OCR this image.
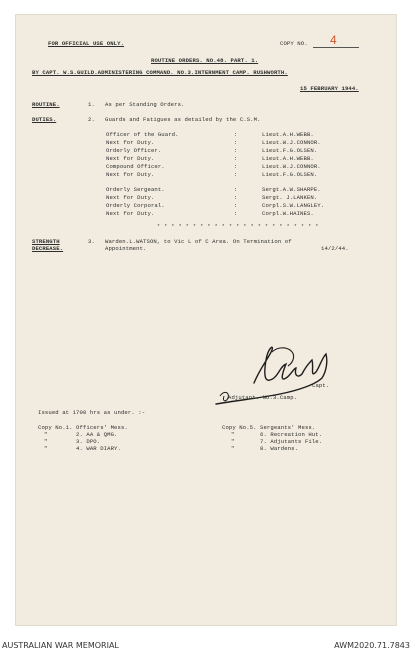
FOR OFFICIAL USE ONLY.	COPY NO. 4
ROUTINE ORDERS. NO.48. PART. 1.
BY CAPT. W.S.GUILD.ADMINISTERING COMMAND. NO.3.INTERNMENT CAMP. RUSHWORTH.
15 FEBRUARY 1944.
ROUTINE.	1. As per Standing Orders.
DUTIES.	2. Guards and Fatigues as detailed by the C.S.M.
Officer of the Guard.	:	Lieut.A.H.WEBB.
Next for Duty.	:	Lieut.W.J.CONNOR.
Orderly Officer.	:	Lieut.F.G.OLSEN.
Next for Duty.	:	Lieut.A.H.WEBB.
Compound Officer.	:	Lieut.W.J.CONNOR.
Next for Duty.	:	Lieut.F.G.OLSEN.
Orderly Sergeant.	:	Sergt.A.W.SHARPE.
Next for Duty.	:	Sergt. J.LANKEN.
Orderly Corporal.	:	Corpl.S.W.LANGLEY.
Next for Duty.	:	Corpl.W.HAINES.
* * * * * * * * * * * * * * * * * * * * * * *
STRENGTH
DECREASE.
3. Warden.L.WATSON, to Vic L of C Area. On Termination of
Appointment.	14/2/44.
Capt.
Adjutant. No.3.Camp.
Issued at 1700 hrs as under. :-
Copy No.1. Officers' Mess.
"	2. AA & QMG.
"	3. DPO.
"	4. WAR DIARY.
Copy No.5. Sergeants' Mess.
"	6. Recreation Hut.
"	7. Adjutants File.
"	8. Wardens.
AUSTRALIAN WAR MEMORIAL	AWM2020.71.7843
